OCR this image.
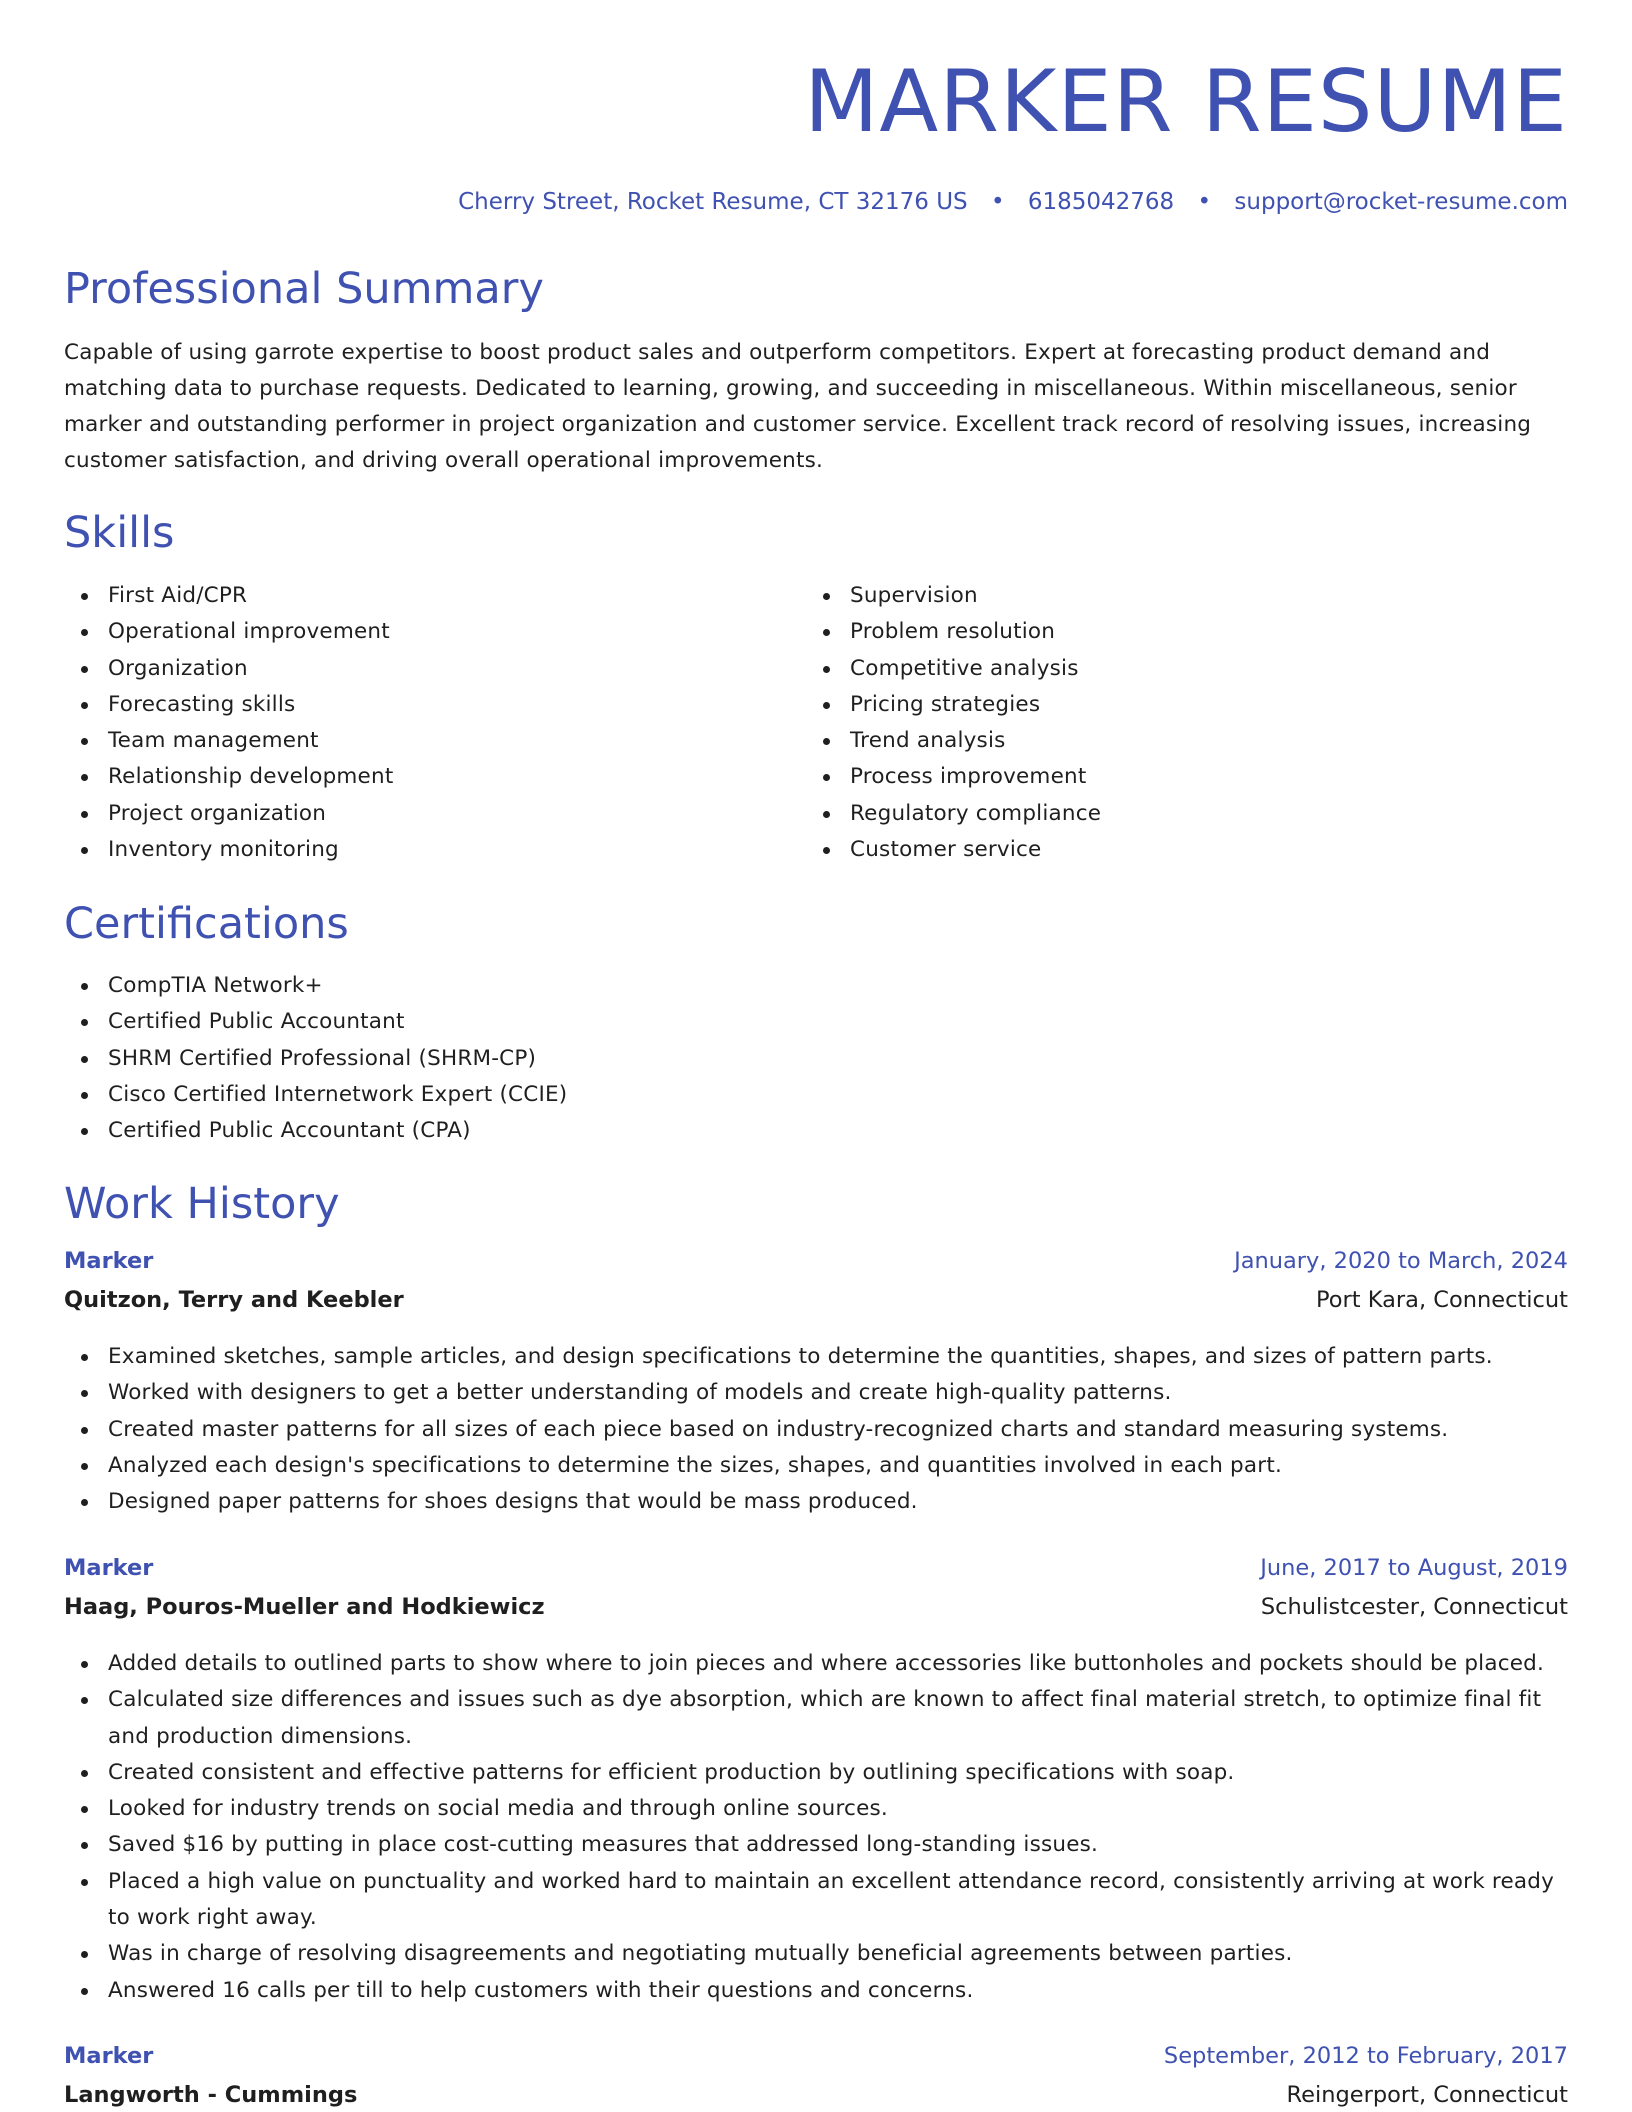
MARKER RESUME
Cherry Street, Rocket Resume, CT 32176 US • 6185042768 • support@rocket-resume.com
Professional Summary

Capable of using garrote expertise to boost product sales and outperform competitors. Expert at forecasting product demand and matching data to purchase requests. Dedicated to learning, growing, and succeeding in miscellaneous. Within miscellaneous, senior marker and outstanding performer in project organization and customer service. Excellent track record of resolving issues, increasing customer satisfaction, and driving overall operational improvements.

Skills
First Aid/CPR
Operational improvement
Organization
Forecasting skills
Team management
Relationship development
Project organization
Inventory monitoring
Supervision
Problem resolution
Competitive analysis
Pricing strategies
Trend analysis
Process improvement
Regulatory compliance
Customer service
Certifications
CompTIA Network+
Certified Public Accountant
SHRM Certified Professional (SHRM-CP)
Cisco Certified Internetwork Expert (CCIE)
Certified Public Accountant (CPA)
Work History
Marker	January, 2020 to March, 2024
Quitzon, Terry and Keebler	Port Kara, Connecticut
Examined sketches, sample articles, and design specifications to determine the quantities, shapes, and sizes of pattern parts.
Worked with designers to get a better understanding of models and create high-quality patterns.
Created master patterns for all sizes of each piece based on industry-recognized charts and standard measuring systems.
Analyzed each design's specifications to determine the sizes, shapes, and quantities involved in each part.
Designed paper patterns for shoes designs that would be mass produced.
Marker	June, 2017 to August, 2019
Haag, Pouros-Mueller and Hodkiewicz	Schulistcester, Connecticut
Added details to outlined parts to show where to join pieces and where accessories like buttonholes and pockets should be placed.
Calculated size differences and issues such as dye absorption, which are known to affect final material stretch, to optimize final fit and production dimensions.
Created consistent and effective patterns for efficient production by outlining specifications with soap.
Looked for industry trends on social media and through online sources.
Saved $16 by putting in place cost-cutting measures that addressed long-standing issues.
Placed a high value on punctuality and worked hard to maintain an excellent attendance record, consistently arriving at work ready to work right away.
Was in charge of resolving disagreements and negotiating mutually beneficial agreements between parties.
Answered 16 calls per till to help customers with their questions and concerns.
Marker	September, 2012 to February, 2017
Langworth - Cummings	Reingerport, Connecticut
